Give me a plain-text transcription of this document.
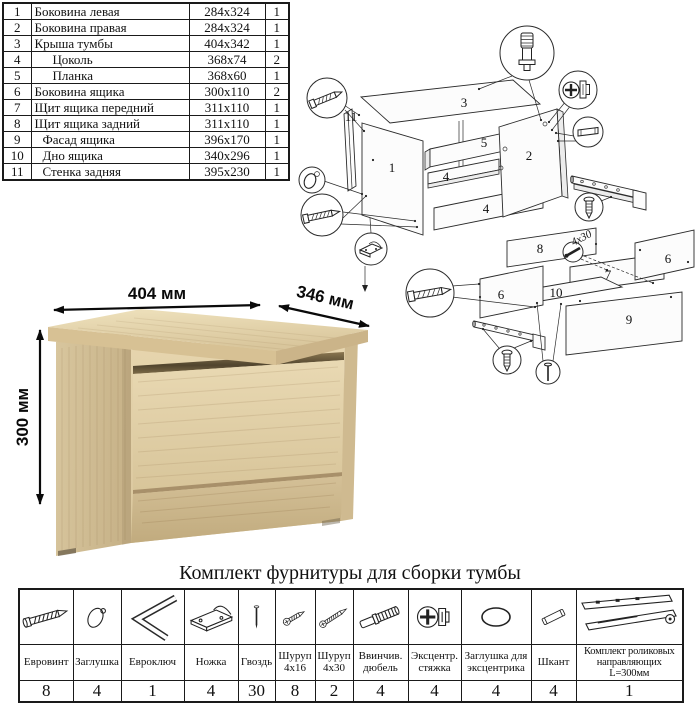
1
2
3
4
4
5
6
6
7
8
9
10
11
4x30
404 мм	346 мм
300 мм
1	Боковина левая	284x324	1
2	Боковина правая	284x324	1
3	Крыша тумбы	404x342	1
4	Цоколь	368x74	2
5	Планка	368x60	1
6	Боковина ящика	300x110	2
7	Щит ящика передний	311x110	1
8	Щит ящика задний	311x110	1
9	Фасад ящика	396x170	1
10	Дно ящика	340x296	1
11	Стенка задняя	395x230	1
Комплект фурнитуры для сборки тумбы

Евровинт	Заглушка	Евроключ	Ножка	Гвоздь	Шуруп 4x16	Шуруп 4x30	Ввинчив. дюбель	Эксцентр. стяжка	Заглушка для эксцентрика	Шкант	Комплект роликовых направляющих L=300мм
8	4	1	4	30	8	2	4	4	4	4	1
